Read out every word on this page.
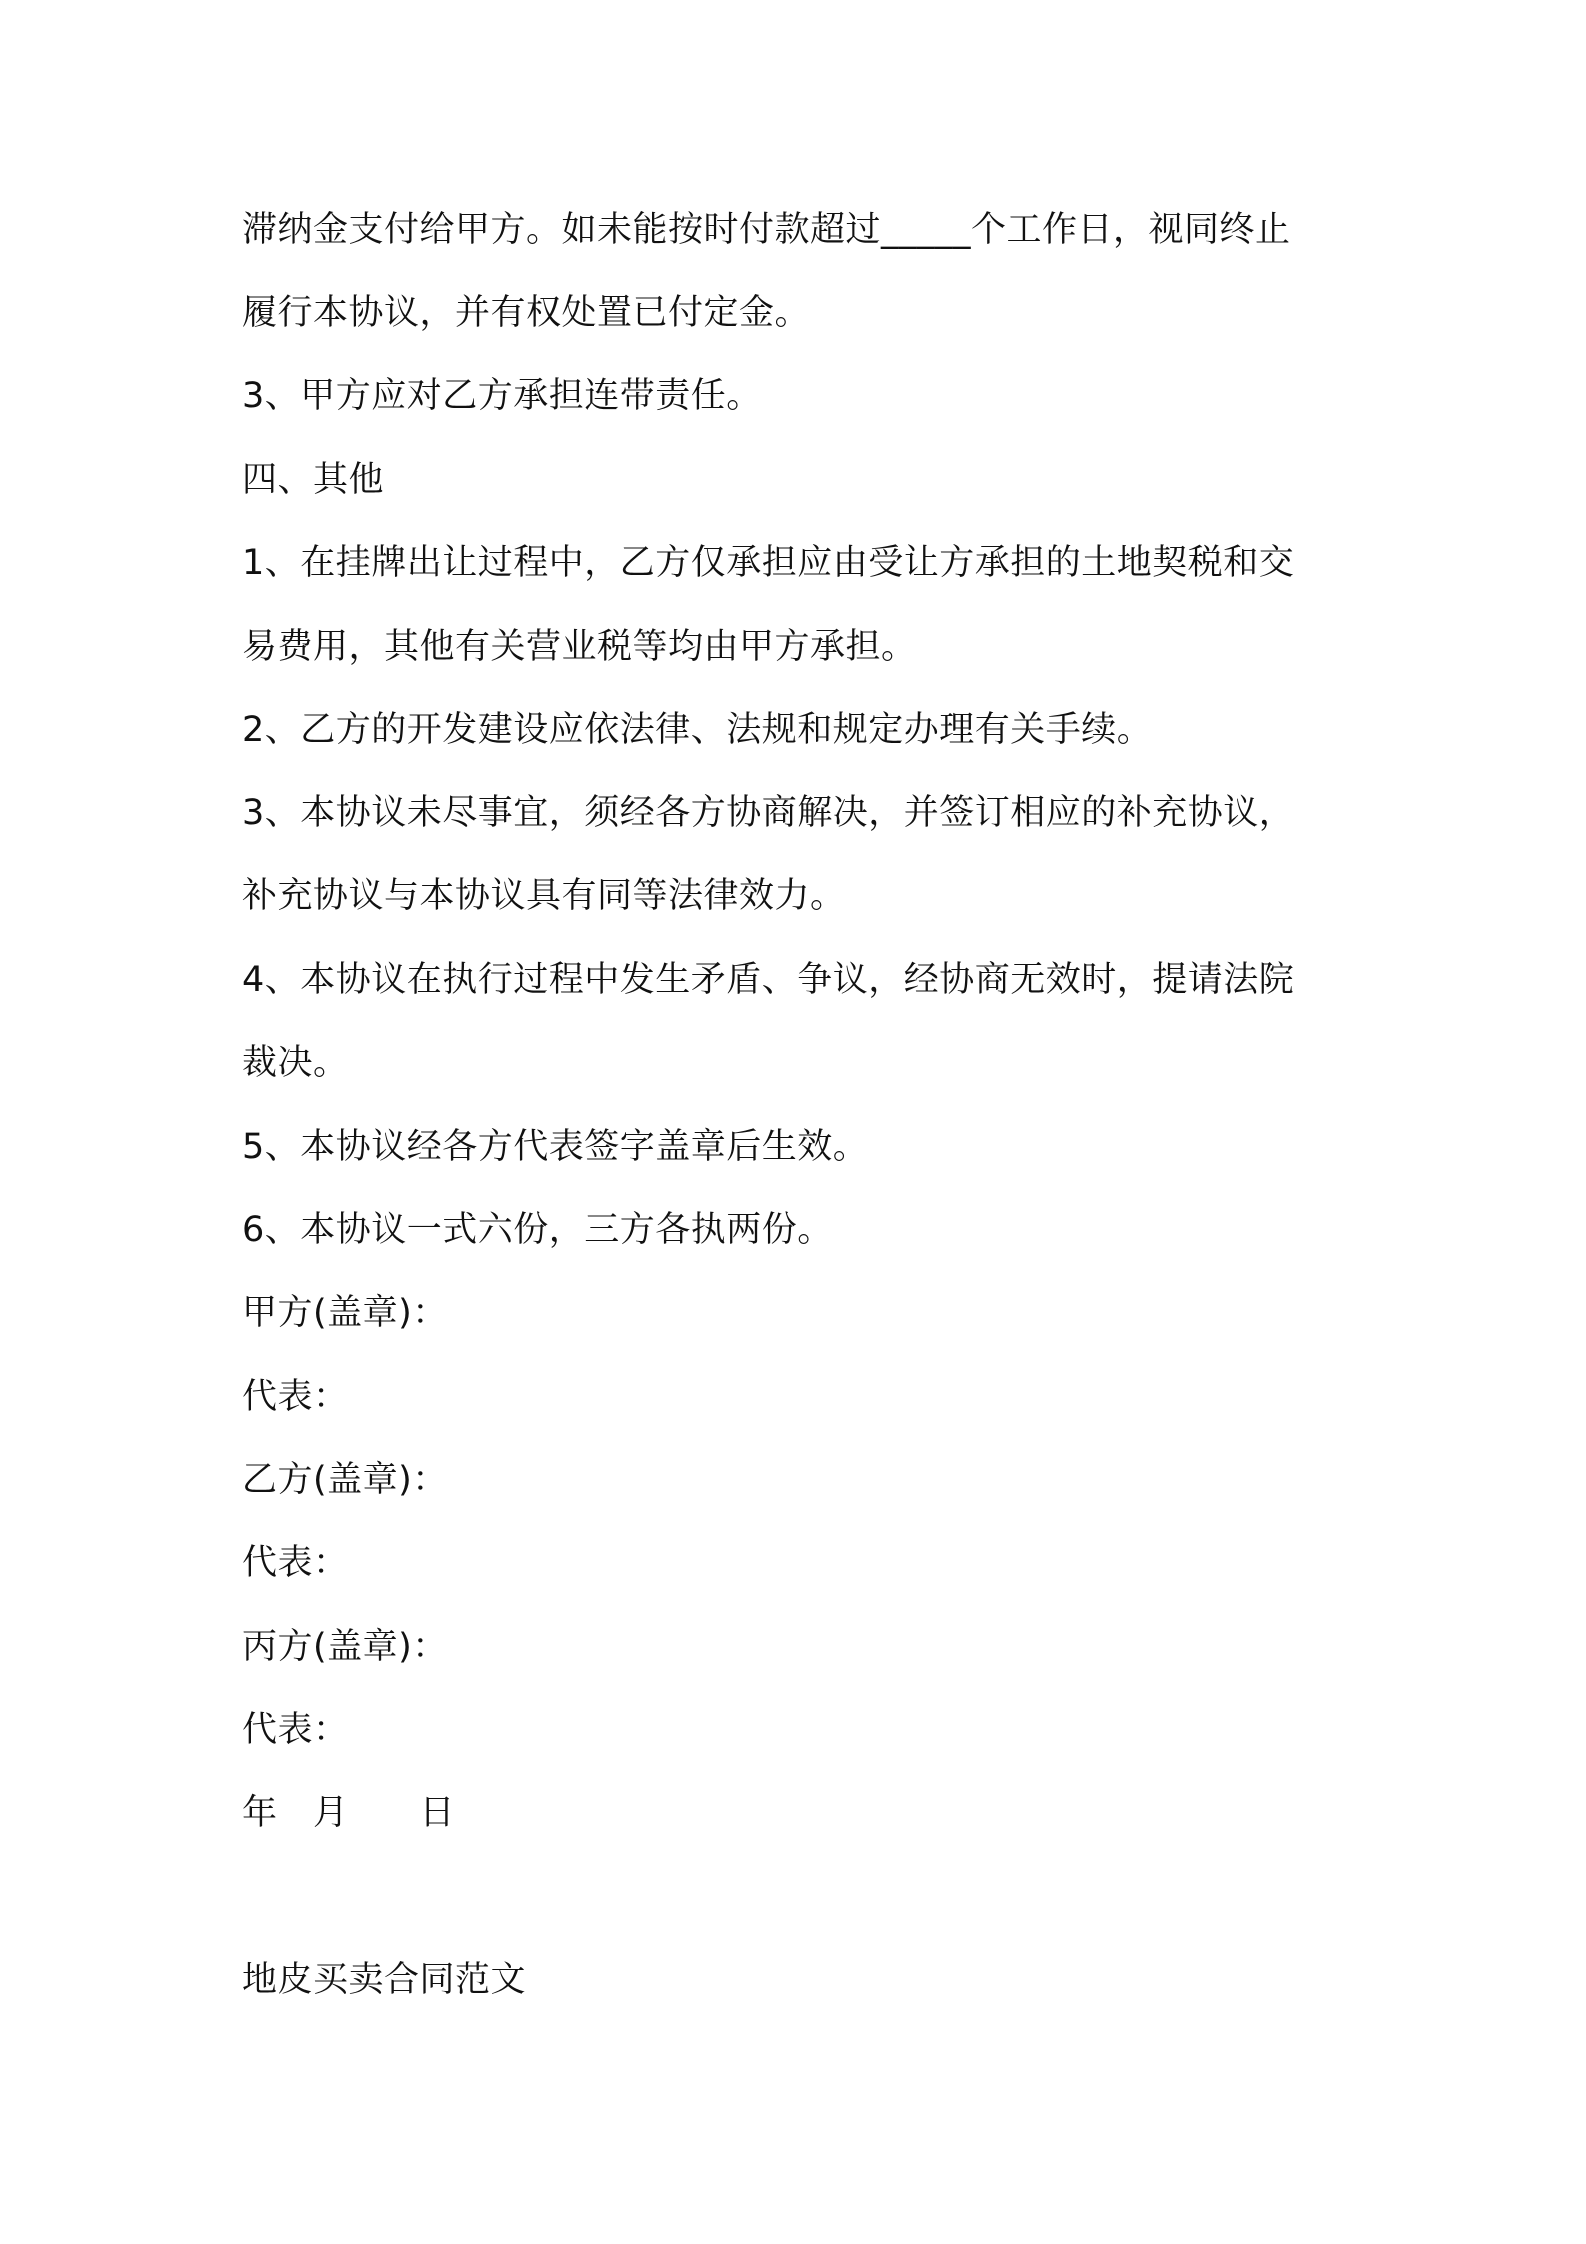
滞纳金支付给甲方。如未能按时付款超过_____个工作日，视同终止
履行本协议，并有权处置已付定金。
3、甲方应对乙方承担连带责任。
四、其他
1、在挂牌出让过程中，乙方仅承担应由受让方承担的土地契税和交
易费用，其他有关营业税等均由甲方承担。
2、乙方的开发建设应依法律、法规和规定办理有关手续。
3、本协议未尽事宜，须经各方协商解决，并签订相应的补充协议，
补充协议与本协议具有同等法律效力。
4、本协议在执行过程中发生矛盾、争议，经协商无效时，提请法院
裁决。
5、本协议经各方代表签字盖章后生效。
6、本协议一式六份，三方各执两份。
甲方(盖章)：
代表：
乙方(盖章)：
代表：
丙方(盖章)：
代表：
年　月　　日
地皮买卖合同范文
